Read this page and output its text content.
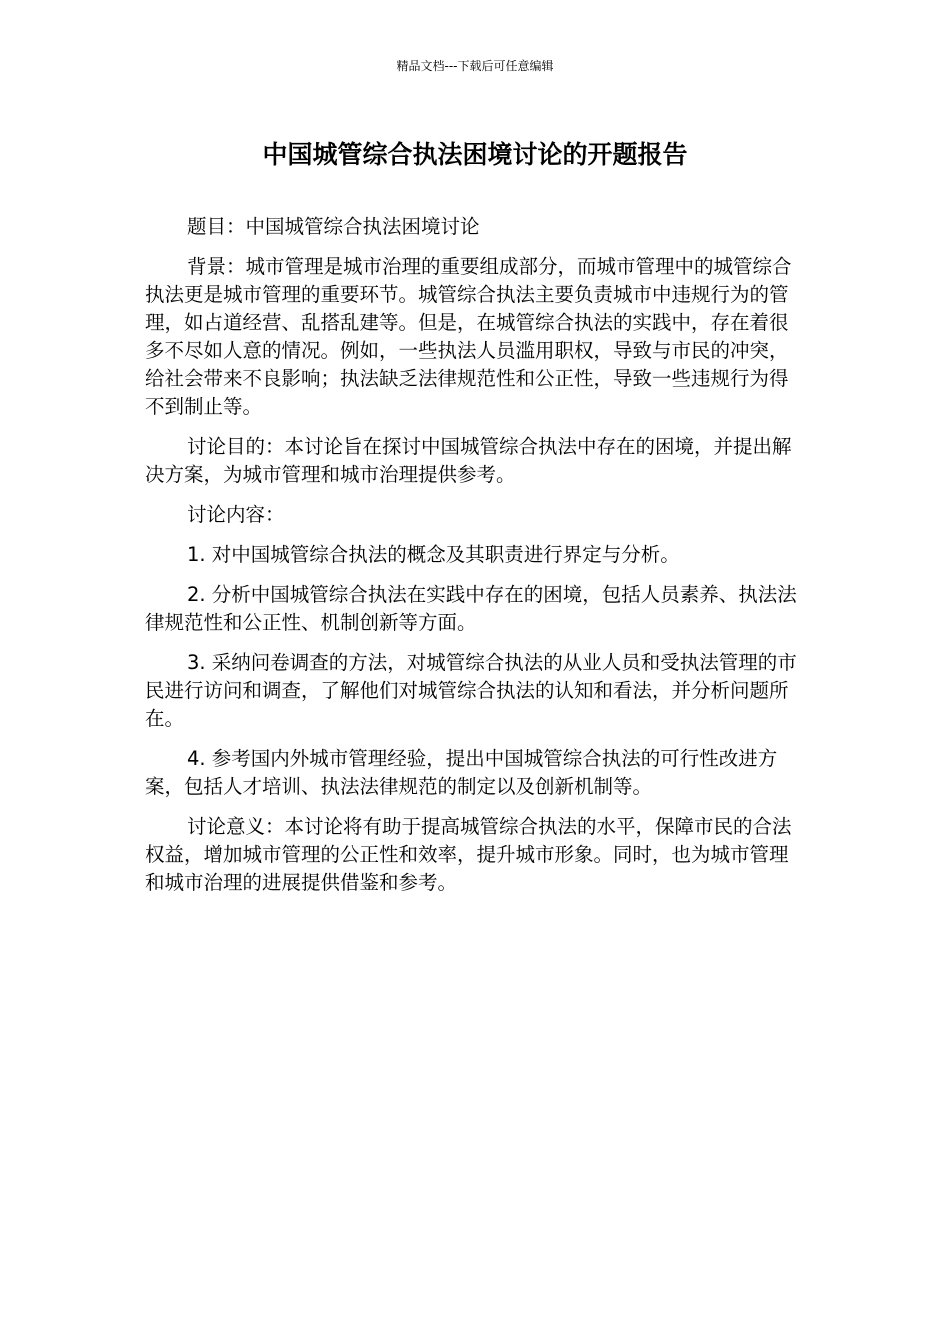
精品文档---下载后可任意编辑
中国城管综合执法困境讨论的开题报告

题目：中国城管综合执法困境讨论

背景：城市管理是城市治理的重要组成部分，而城市管理中的城管综合执法更是城市管理的重要环节。城管综合执法主要负责城市中违规行为的管理，如占道经营、乱搭乱建等。但是，在城管综合执法的实践中，存在着很多不尽如人意的情况。例如，一些执法人员滥用职权，导致与市民的冲突，给社会带来不良影响；执法缺乏法律规范性和公正性，导致一些违规行为得不到制止等。

讨论目的：本讨论旨在探讨中国城管综合执法中存在的困境，并提出解决方案，为城市管理和城市治理提供参考。

讨论内容：

1. 对中国城管综合执法的概念及其职责进行界定与分析。

2. 分析中国城管综合执法在实践中存在的困境，包括人员素养、执法法律规范性和公正性、机制创新等方面。

3. 采纳问卷调查的方法，对城管综合执法的从业人员和受执法管理的市民进行访问和调查，了解他们对城管综合执法的认知和看法，并分析问题所在。

4. 参考国内外城市管理经验，提出中国城管综合执法的可行性改进方案，包括人才培训、执法法律规范的制定以及创新机制等。

讨论意义：本讨论将有助于提高城管综合执法的水平，保障市民的合法权益，增加城市管理的公正性和效率，提升城市形象。同时，也为城市管理和城市治理的进展提供借鉴和参考。
